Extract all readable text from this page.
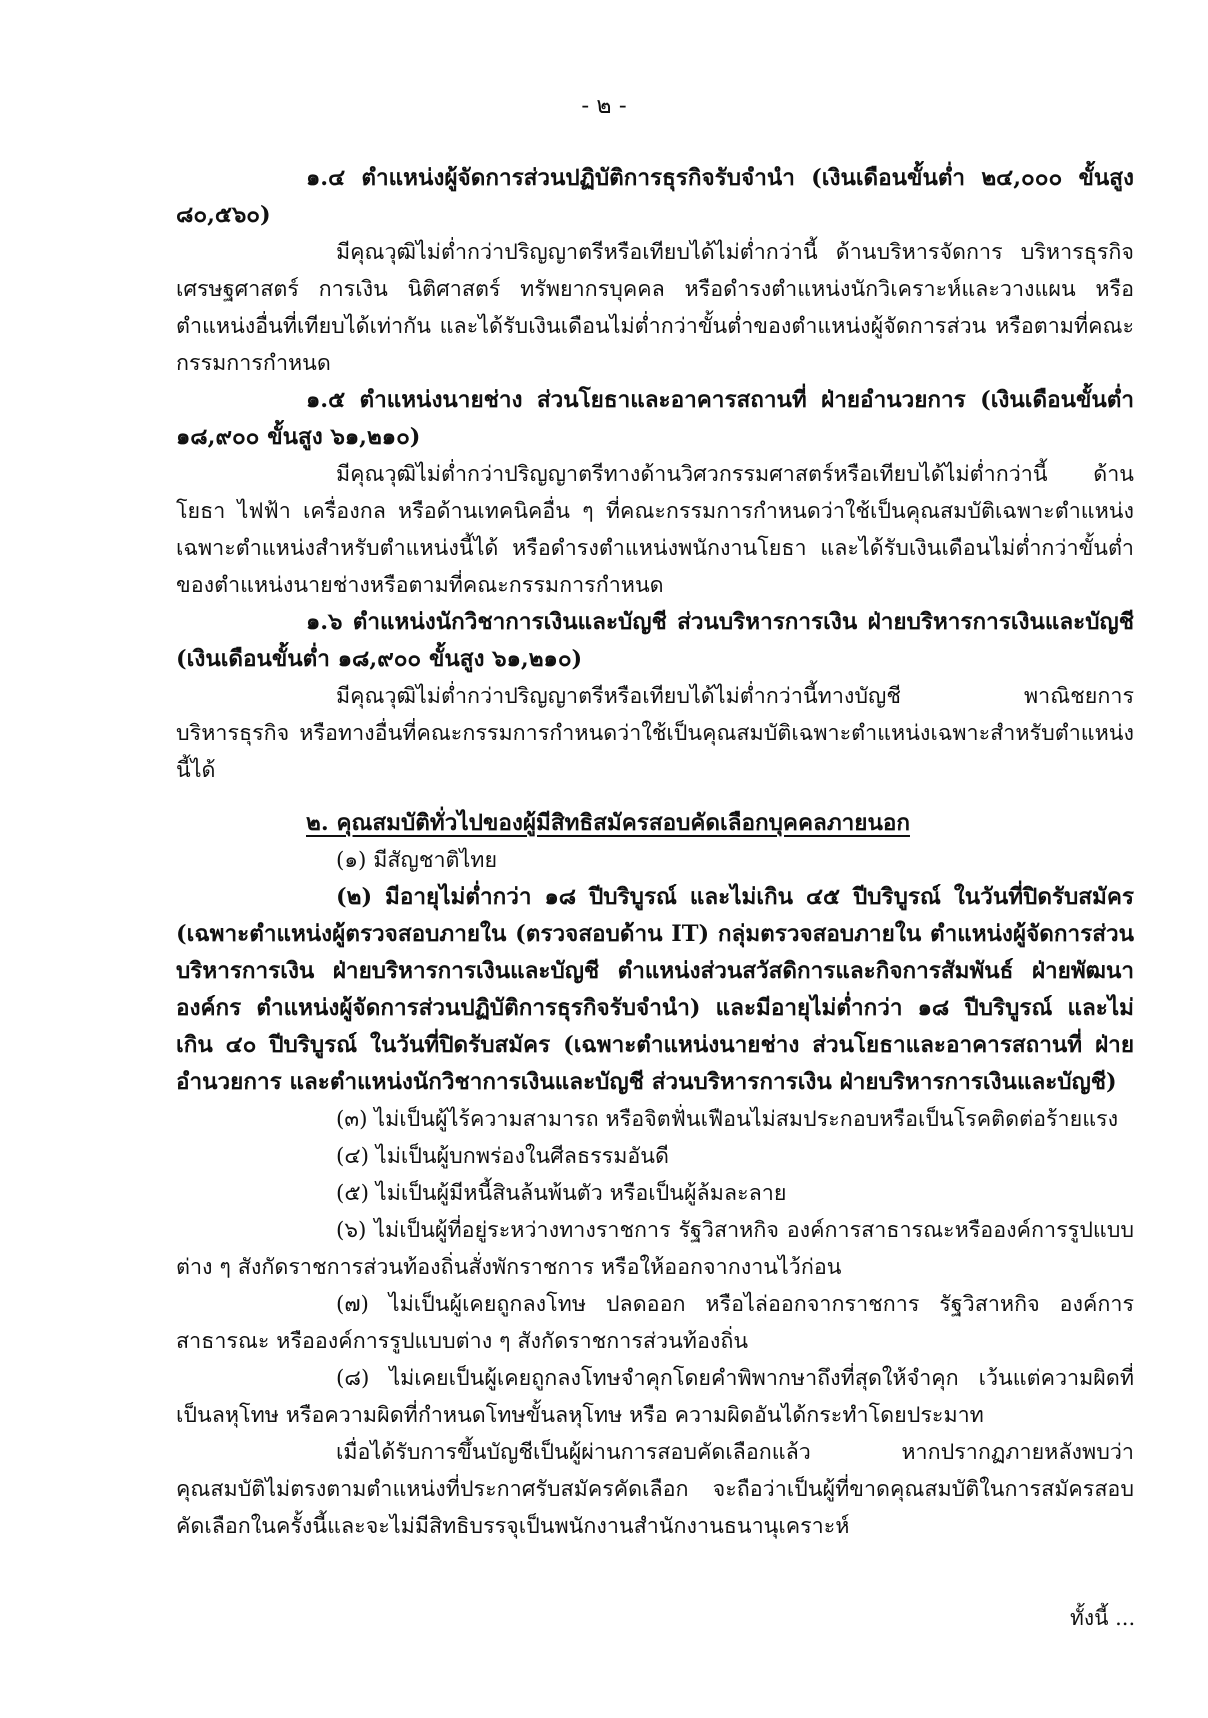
- ๒ -

๑.๔ ตำแหน่งผู้จัดการส่วนปฏิบัติการธุรกิจรับจำนำ (เงินเดือนขั้นต่ำ ๒๔,๐๐๐ ขั้นสูง ๘๐,๕๖๐)

มีคุณวุฒิไม่ต่ำกว่าปริญญาตรีหรือเทียบได้ไม่ต่ำกว่านี้ ด้านบริหารจัดการ บริหารธุรกิจ เศรษฐศาสตร์ การเงิน นิติศาสตร์ ทรัพยากรบุคคล หรือดำรงตำแหน่งนักวิเคราะห์และวางแผน หรือตำแหน่งอื่นที่เทียบได้เท่ากัน และได้รับเงินเดือนไม่ต่ำกว่าขั้นต่ำของตำแหน่งผู้จัดการส่วน หรือตามที่คณะกรรมการกำหนด

๑.๕ ตำแหน่งนายช่าง ส่วนโยธาและอาคารสถานที่ ฝ่ายอำนวยการ (เงินเดือนขั้นต่ำ ๑๘,๙๐๐ ขั้นสูง ๖๑,๒๑๐)

มีคุณวุฒิไม่ต่ำกว่าปริญญาตรีทางด้านวิศวกรรมศาสตร์หรือเทียบได้ไม่ต่ำกว่านี้ ด้านโยธา ไฟฟ้า เครื่องกล หรือด้านเทคนิคอื่น ๆ ที่คณะกรรมการกำหนดว่าใช้เป็นคุณสมบัติเฉพาะตำแหน่งเฉพาะตำแหน่งสำหรับตำแหน่งนี้ได้ หรือดำรงตำแหน่งพนักงานโยธา และได้รับเงินเดือนไม่ต่ำกว่าขั้นต่ำของตำแหน่งนายช่างหรือตามที่คณะกรรมการกำหนด

๑.๖ ตำแหน่งนักวิชาการเงินและบัญชี ส่วนบริหารการเงิน ฝ่ายบริหารการเงินและบัญชี (เงินเดือนขั้นต่ำ ๑๘,๙๐๐ ขั้นสูง ๖๑,๒๑๐)

มีคุณวุฒิไม่ต่ำกว่าปริญญาตรีหรือเทียบได้ไม่ต่ำกว่านี้ทางบัญชี พาณิชยการ บริหารธุรกิจ หรือทางอื่นที่คณะกรรมการกำหนดว่าใช้เป็นคุณสมบัติเฉพาะตำแหน่งเฉพาะสำหรับตำแหน่งนี้ได้

๒. คุณสมบัติทั่วไปของผู้มีสิทธิสมัครสอบคัดเลือกบุคคลภายนอก

(๑) มีสัญชาติไทย

(๒) มีอายุไม่ต่ำกว่า ๑๘ ปีบริบูรณ์ และไม่เกิน ๔๕ ปีบริบูรณ์ ในวันที่ปิดรับสมัคร (เฉพาะตำแหน่งผู้ตรวจสอบภายใน (ตรวจสอบด้าน IT) กลุ่มตรวจสอบภายใน ตำแหน่งผู้จัดการส่วนบริหารการเงิน ฝ่ายบริหารการเงินและบัญชี ตำแหน่งส่วนสวัสดิการและกิจการสัมพันธ์ ฝ่ายพัฒนาองค์กร ตำแหน่งผู้จัดการส่วนปฏิบัติการธุรกิจรับจำนำ) และมีอายุไม่ต่ำกว่า ๑๘ ปีบริบูรณ์ และไม่เกิน ๔๐ ปีบริบูรณ์ ในวันที่ปิดรับสมัคร (เฉพาะตำแหน่งนายช่าง ส่วนโยธาและอาคารสถานที่ ฝ่ายอำนวยการ และตำแหน่งนักวิชาการเงินและบัญชี ส่วนบริหารการเงิน ฝ่ายบริหารการเงินและบัญชี)

(๓) ไม่เป็นผู้ไร้ความสามารถ หรือจิตฟั่นเฟือนไม่สมประกอบหรือเป็นโรคติดต่อร้ายแรง

(๔) ไม่เป็นผู้บกพร่องในศีลธรรมอันดี

(๕) ไม่เป็นผู้มีหนี้สินล้นพ้นตัว หรือเป็นผู้ล้มละลาย

(๖) ไม่เป็นผู้ที่อยู่ระหว่างทางราชการ รัฐวิสาหกิจ องค์การสาธารณะหรือองค์การรูปแบบต่าง ๆ สังกัดราชการส่วนท้องถิ่นสั่งพักราชการ หรือให้ออกจากงานไว้ก่อน

(๗) ไม่เป็นผู้เคยถูกลงโทษ ปลดออก หรือไล่ออกจากราชการ รัฐวิสาหกิจ องค์การสาธารณะ หรือองค์การรูปแบบต่าง ๆ สังกัดราชการส่วนท้องถิ่น

(๘) ไม่เคยเป็นผู้เคยถูกลงโทษจำคุกโดยคำพิพากษาถึงที่สุดให้จำคุก เว้นแต่ความผิดที่เป็นลหุโทษ หรือความผิดที่กำหนดโทษขั้นลหุโทษ หรือ ความผิดอันได้กระทำโดยประมาท

เมื่อได้รับการขึ้นบัญชีเป็นผู้ผ่านการสอบคัดเลือกแล้ว หากปรากฏภายหลังพบว่าคุณสมบัติไม่ตรงตามตำแหน่งที่ประกาศรับสมัครคัดเลือก จะถือว่าเป็นผู้ที่ขาดคุณสมบัติในการสมัครสอบคัดเลือกในครั้งนี้และจะไม่มีสิทธิบรรจุเป็นพนักงานสำนักงานธนานุเคราะห์

ทั้งนี้ ...
